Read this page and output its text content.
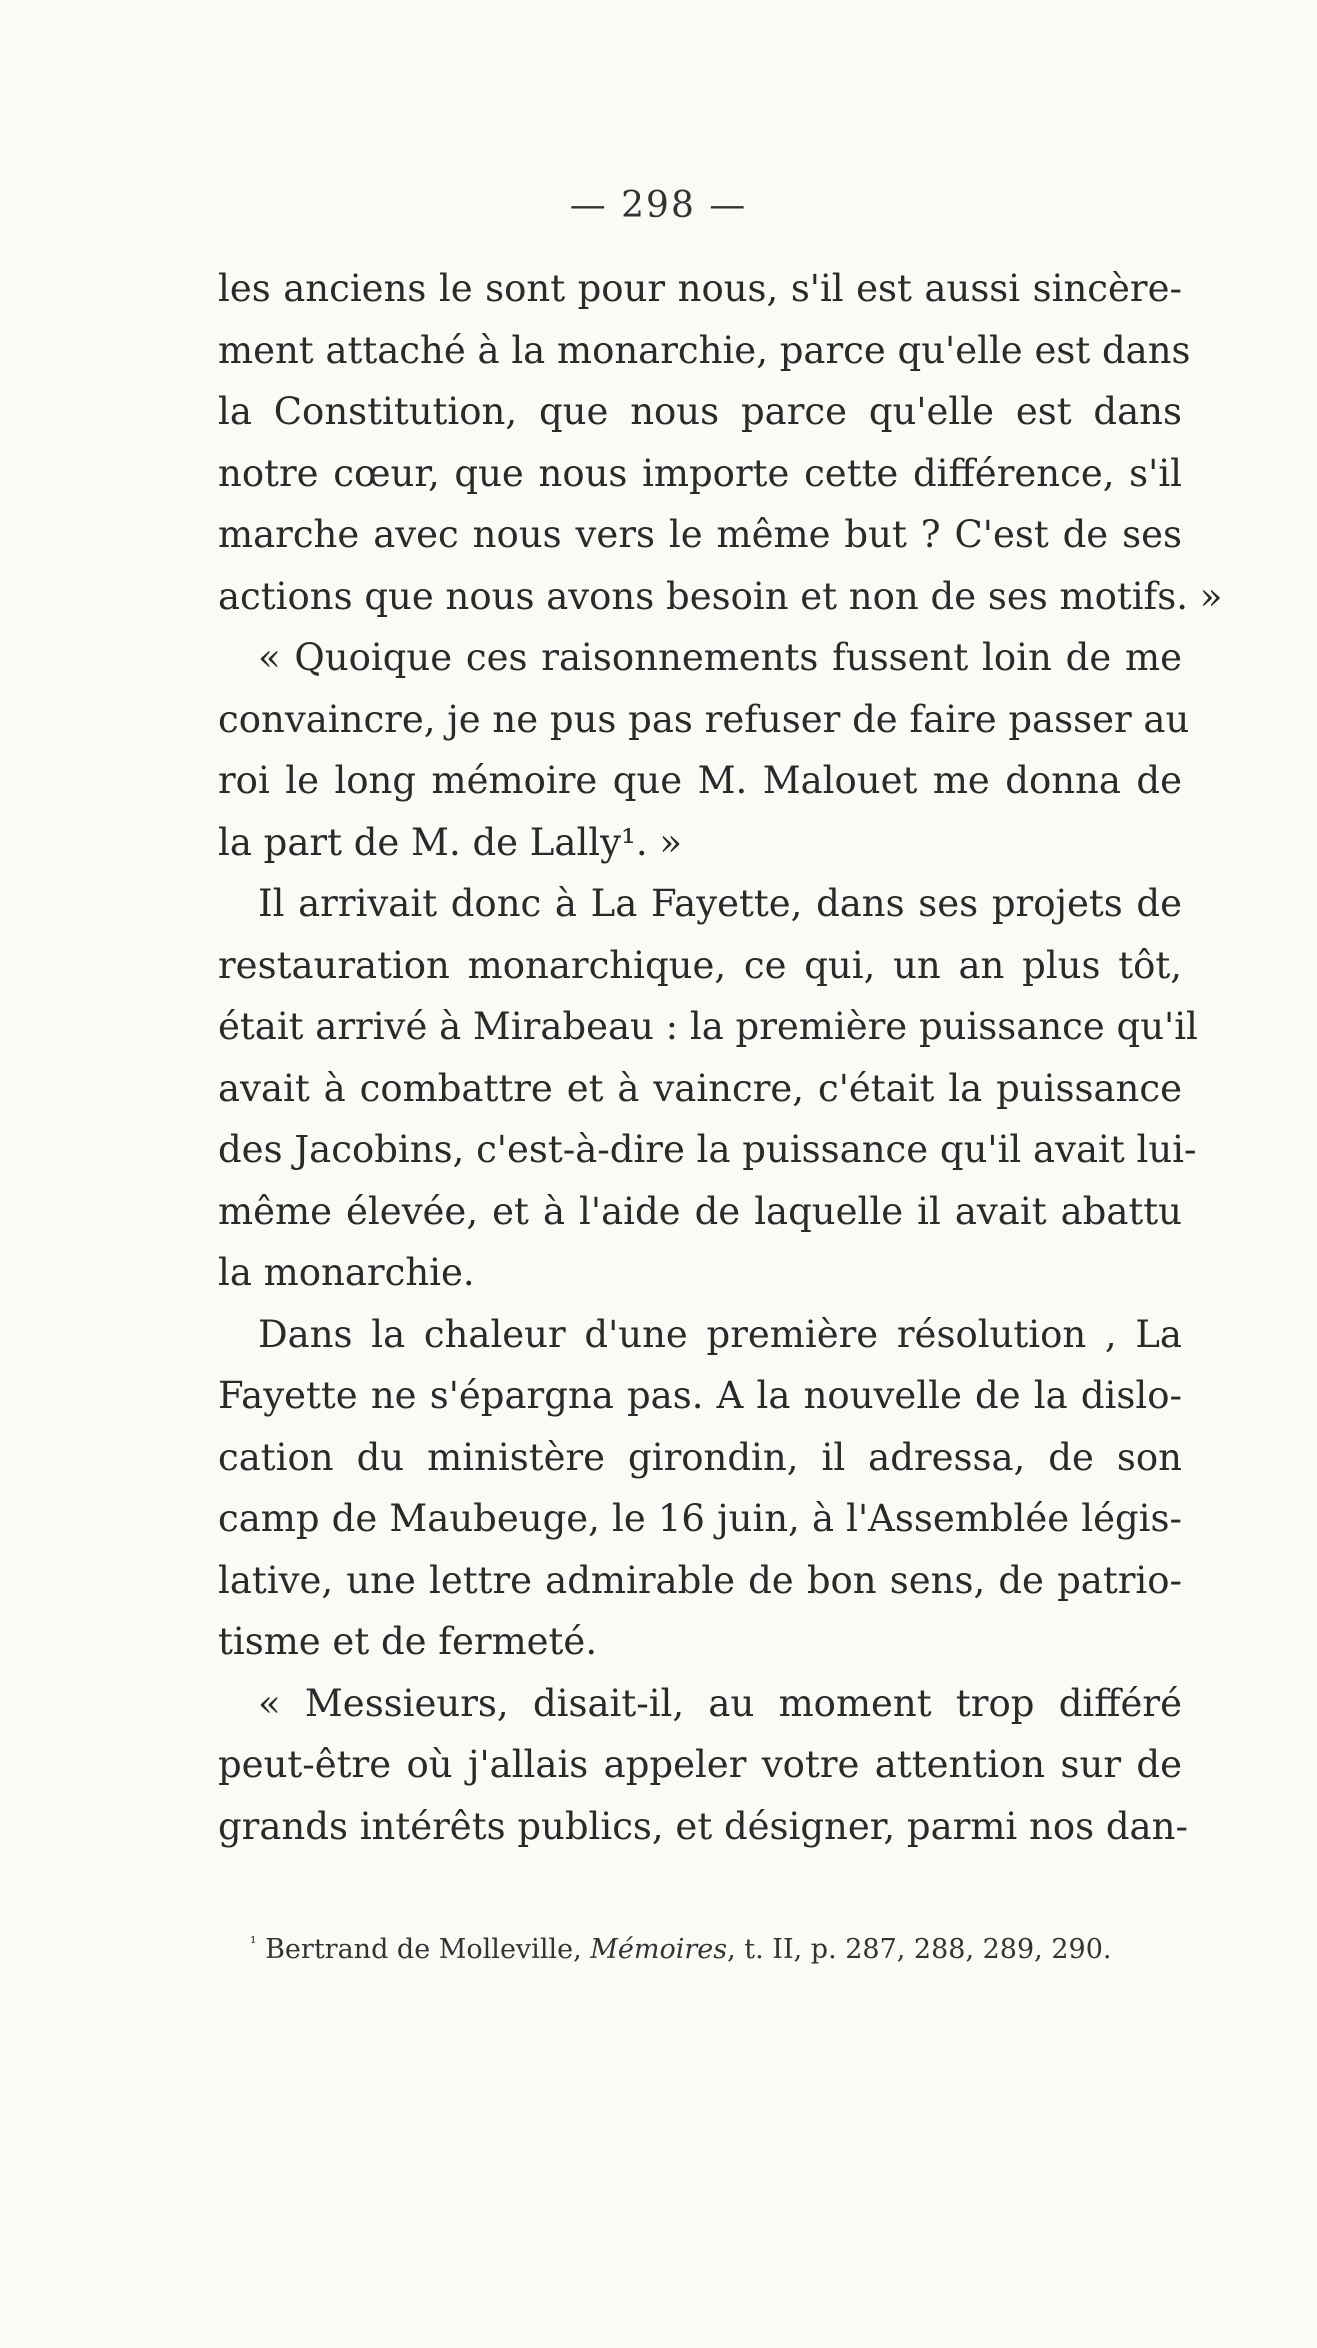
— 298 —
les anciens le sont pour nous, s'il est aussi sincère-
ment attaché à la monarchie, parce qu'elle est dans
la Constitution, que nous parce qu'elle est dans
notre cœur, que nous importe cette différence, s'il
marche avec nous vers le même but ? C'est de ses
actions que nous avons besoin et non de ses motifs. »
« Quoique ces raisonnements fussent loin de me
convaincre, je ne pus pas refuser de faire passer au
roi le long mémoire que M. Malouet me donna de
la part de M. de Lally¹. »
Il arrivait donc à La Fayette, dans ses projets de
restauration monarchique, ce qui, un an plus tôt,
était arrivé à Mirabeau : la première puissance qu'il
avait à combattre et à vaincre, c'était la puissance
des Jacobins, c'est-à-dire la puissance qu'il avait lui-
même élevée, et à l'aide de laquelle il avait abattu
la monarchie.
Dans la chaleur d'une première résolution , La
Fayette ne s'épargna pas. A la nouvelle de la dislo-
cation du ministère girondin, il adressa, de son
camp de Maubeuge, le 16 juin, à l'Assemblée légis-
lative, une lettre admirable de bon sens, de patrio-
tisme et de fermeté.
« Messieurs, disait-il, au moment trop différé
peut-être où j'allais appeler votre attention sur de
grands intérêts publics, et désigner, parmi nos dan-
$^{^1}$ Bertrand de Molleville, Mémoires, t. II, p. 287, 288, 289, 290.
